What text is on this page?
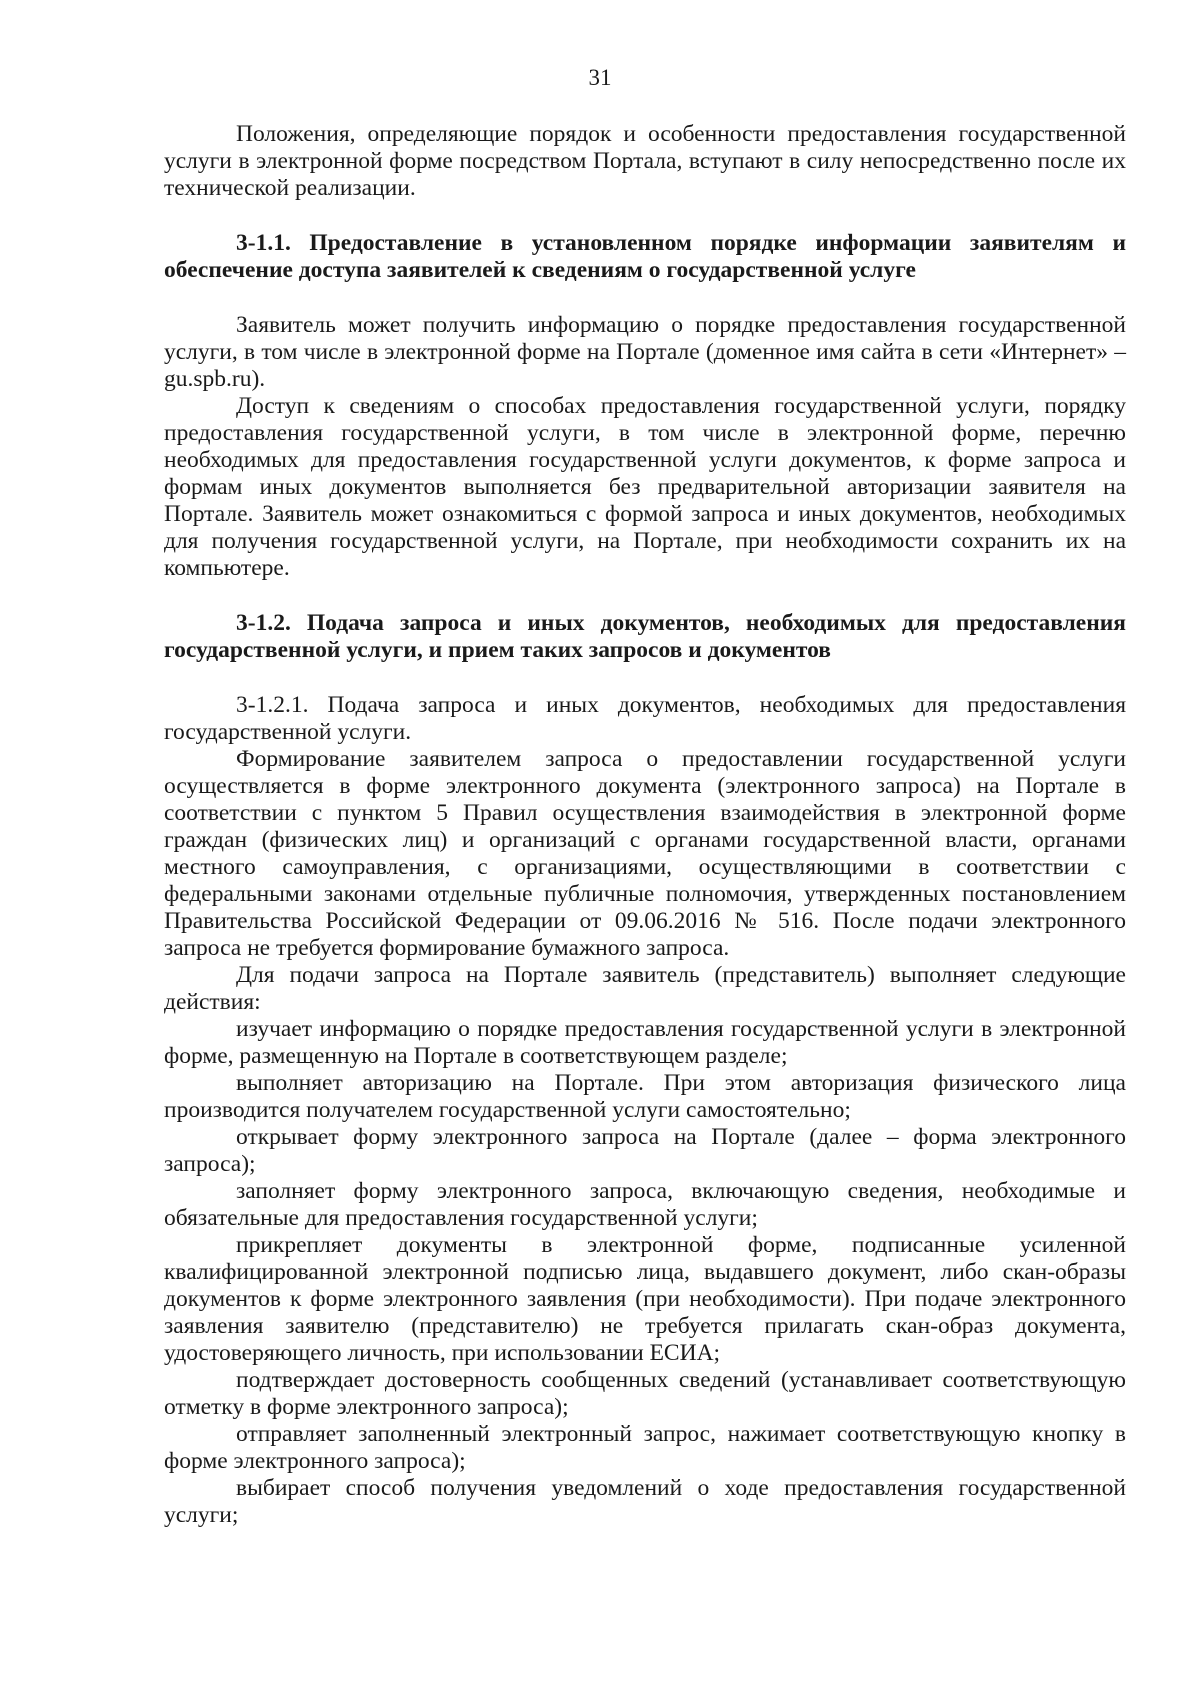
31

Положения, определяющие порядок и особенности предоставления государственной услуги в электронной форме посредством Портала, вступают в силу непосредственно после их технической реализации.

3-1.1. Предоставление в установленном порядке информации заявителям и обеспечение доступа заявителей к сведениям о государственной услуге

Заявитель может получить информацию о порядке предоставления государственной услуги, в том числе в электронной форме на Портале (доменное имя сайта в сети «Интернет» – gu.spb.ru).

Доступ к сведениям о способах предоставления государственной услуги, порядку предоставления государственной услуги, в том числе в электронной форме, перечню необходимых для предоставления государственной услуги документов, к форме запроса и формам иных документов выполняется без предварительной авторизации заявителя на Портале. Заявитель может ознакомиться с формой запроса и иных документов, необходимых для получения государственной услуги, на Портале, при необходимости сохранить их на компьютере.

3-1.2. Подача запроса и иных документов, необходимых для предоставления государственной услуги, и прием таких запросов и документов

3-1.2.1. Подача запроса и иных документов, необходимых для предоставления государственной услуги.

Формирование заявителем запроса о предоставлении государственной услуги осуществляется в форме электронного документа (электронного запроса) на Портале в соответствии с пунктом 5 Правил осуществления взаимодействия в электронной форме граждан (физических лиц) и организаций с органами государственной власти, органами местного самоуправления, с организациями, осуществляющими в соответствии с федеральными законами отдельные публичные полномочия, утвержденных постановлением Правительства Российской Федерации от 09.06.2016 № 516. После подачи электронного запроса не требуется формирование бумажного запроса.

Для подачи запроса на Портале заявитель (представитель) выполняет следующие действия:

изучает информацию о порядке предоставления государственной услуги в электронной форме, размещенную на Портале в соответствующем разделе;

выполняет авторизацию на Портале. При этом авторизация физического лица производится получателем государственной услуги самостоятельно;

открывает форму электронного запроса на Портале (далее – форма электронного запроса);

заполняет форму электронного запроса, включающую сведения, необходимые и обязательные для предоставления государственной услуги;

прикрепляет документы в электронной форме, подписанные усиленной квалифицированной электронной подписью лица, выдавшего документ, либо скан-образы документов к форме электронного заявления (при необходимости). При подаче электронного заявления заявителю (представителю) не требуется прилагать скан-образ документа, удостоверяющего личность, при использовании ЕСИА;

подтверждает достоверность сообщенных сведений (устанавливает соответствующую отметку в форме электронного запроса);

отправляет заполненный электронный запрос, нажимает соответствующую кнопку в форме электронного запроса);

выбирает способ получения уведомлений о ходе предоставления государственной услуги;
